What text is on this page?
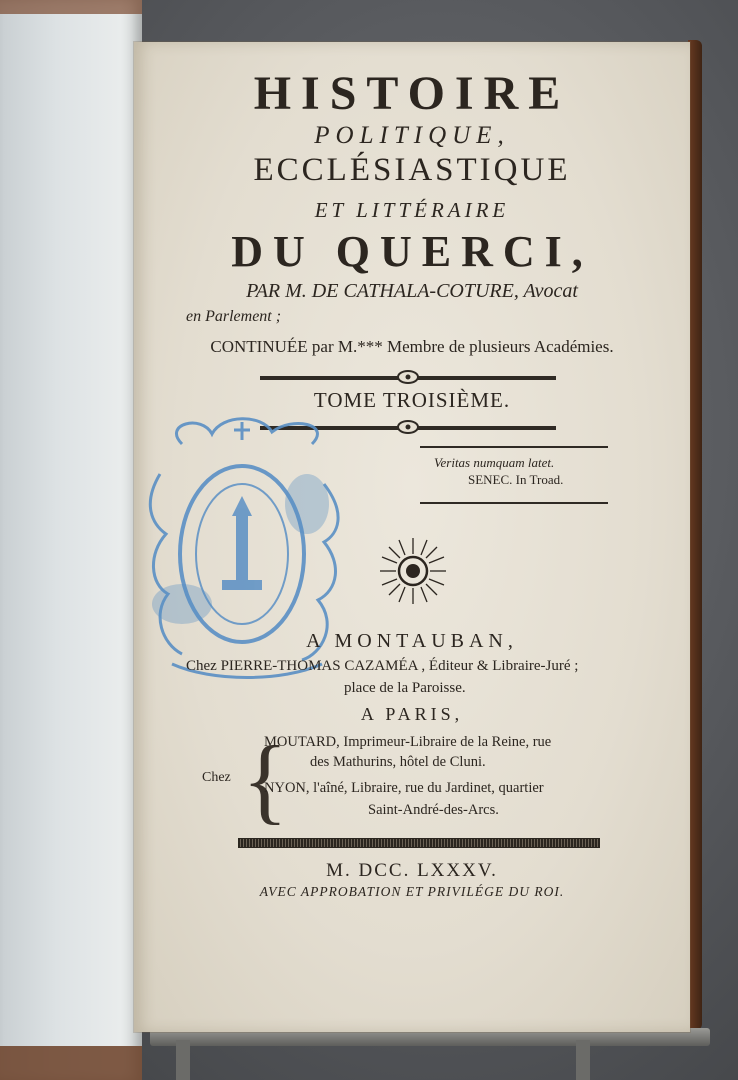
HISTOIRE
POLITIQUE,
ECCLÉSIASTIQUE
ET LITTÉRAIRE
DU QUERCI,
PAR M. DE CATHALA-COTURE, Avocat
en Parlement ;
CONTINUÉE par M.*** Membre de plusieurs Académies.
TOME TROISIÈME.
Veritas numquam latet.
SENEC. In Troad.
A MONTAUBAN,
Chez PIERRE-THOMAS CAZAMÉA , Éditeur & Libraire-Juré ;
place de la Paroisse.
A PARIS,
Chez {
MOUTARD, Imprimeur-Libraire de la Reine, rue
des Mathurins, hôtel de Cluni.
NYON, l'aîné, Libraire, rue du Jardinet, quartier
Saint-André-des-Arcs.
M. DCC. LXXXV.
AVEC APPROBATION ET PRIVILÉGE DU ROI.
